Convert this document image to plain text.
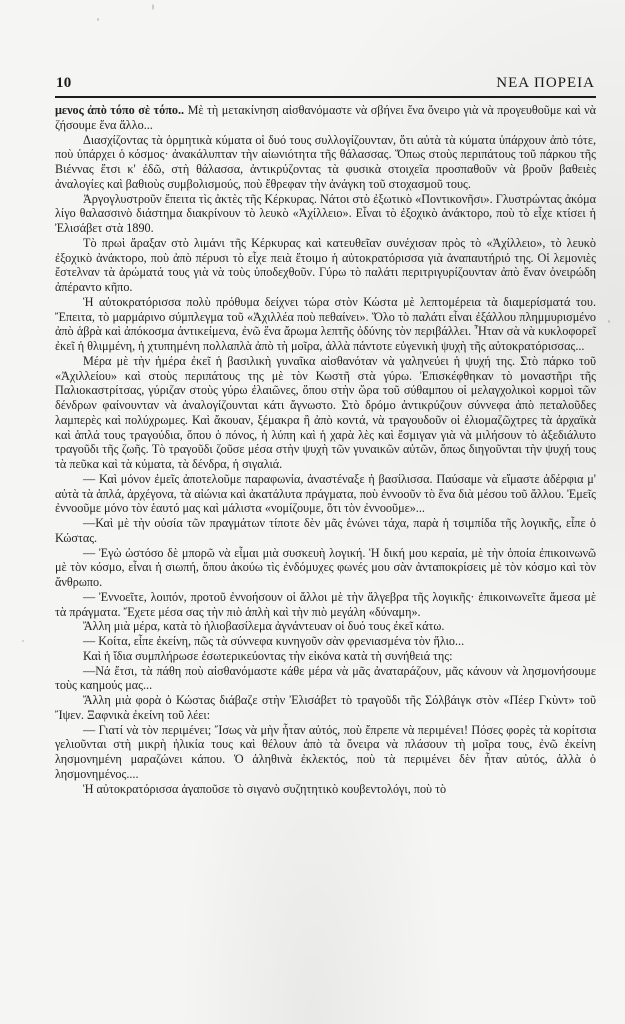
10	ΝΕΑ ΠΟΡΕΙΑ

μενος ἀπὸ τόπο σὲ τόπο.. Μὲ τὴ μετακίνηση αἰσθανόμαστε νὰ σβήνει ἕνα ὄνειρο γιὰ νὰ προγευθοῦμε καὶ νὰ ζήσουμε ἕνα ἄλλο...

Διασχίζοντας τὰ ὁρμητικὰ κύματα οἱ δυό τους συλλογίζουνταν, ὅτι αὐτὰ τὰ κύματα ὑπάρχουν ἀπὸ τότε, ποὺ ὑπάρχει ὁ κόσμος· ἀνακάλυπταν τὴν αἰωνιότητα τῆς θάλασσας. Ὅπως στοὺς περιπάτους τοῦ πάρκου τῆς Βιέννας ἔτσι κ' ἐδῶ, στὴ θάλασσα, ἀντικρύζοντας τὰ φυσικὰ στοιχεῖα προσπαθοῦν νὰ βροῦν βαθειὲς ἀναλογίες καὶ βαθιοὺς συμβολισμούς, ποὺ ἔθρεφαν τὴν ἀνάγκη τοῦ στοχασμοῦ τους.

Ἀργογλυστροῦν ἔπειτα τὶς ἀκτὲς τῆς Κέρκυρας. Νάτοι στὸ ἐξωτικὸ «Ποντικονῆσι». Γλυστρώντας ἀκόμα λίγο θαλασσινὸ διάστημα διακρίνουν τὸ λευκὸ «Ἀχίλλειο». Εἶναι τὸ ἐξοχικὸ ἀνάκτορο, ποὺ τὸ εἶχε κτίσει ἡ Ἐλισάβετ στὰ 1890.

Τὸ πρωὶ ἄραξαν στὸ λιμάνι τῆς Κέρκυρας καὶ κατευθεῖαν συνέχισαν πρὸς τὸ «Ἀχίλλειο», τὸ λευκὸ ἐξοχικὸ ἀνάκτορο, ποὺ ἀπὸ πέρυσι τὸ εἶχε πειὰ ἕτοιμο ἡ αὐτοκρατόρισσα γιὰ ἀναπαυτήριό της. Οἱ λεμονιὲς ἔστελναν τὰ ἀρώματά τους γιὰ νὰ τοὺς ὑποδεχθοῦν. Γύρω τὸ παλάτι περιτριγυρίζουνταν ἀπὸ ἕναν ὀνειρώδη ἀπέραντο κῆπο.

Ἡ αὐτοκρατόρισσα πολὺ πρόθυμα δείχνει τώρα στὸν Κώστα μὲ λεπτομέρεια τὰ διαμερίσματά του. Ἔπειτα, τὸ μαρμάρινο σύμπλεγμα τοῦ «Ἀχιλλέα ποὺ πεθαίνει». Ὅλο τὸ παλάτι εἶναι ἐξάλλου πλημμυρισμένο ἀπὸ ἁβρὰ καὶ ἀπόκοσμα ἀντικείμενα, ἐνῶ ἕνα ἄρωμα λεπτῆς ὀδύνης τὸν περιβάλλει. Ἦταν σὰ νὰ κυκλοφορεῖ ἐκεῖ ἡ θλιμμένη, ἡ χτυπημένη πολλαπλὰ ἀπὸ τὴ μοῖρα, ἀλλὰ πάντοτε εὐγενικὴ ψυχὴ τῆς αὐτοκρατόρισσας...

Μέρα μὲ τὴν ἡμέρα ἐκεῖ ἡ βασιλικὴ γυναῖκα αἰσθανόταν νὰ γαληνεύει ἡ ψυχή της. Στὸ πάρκο τοῦ «Ἀχιλλείου» καὶ στοὺς περιπάτους της μὲ τὸν Κωστῆ στὰ γύρω. Ἐπισκέφθηκαν τὸ μοναστῆρι τῆς Παλιοκαστρίτσας, γύριζαν στοὺς γύρω ἐλαιῶνες, ὅπου στὴν ὥρα τοῦ σύθαμπου οἱ μελαγχολικοὶ κορμοὶ τῶν δένδρων φαίνουνταν νὰ ἀναλογίζουνται κάτι ἄγνωστο. Στὸ δρόμο ἀντικρύζουν σύννεφα ἀπὸ πεταλοῦδες λαμπερὲς καὶ πολύχρωμες. Καὶ ἄκουαν, ξέμακρα ἢ ἀπὸ κοντά, νὰ τραγουδοῦν οἱ ἐλιομαζῶχτρες τὰ ἀρχαϊκὰ καὶ ἁπλά τους τραγούδια, ὅπου ὁ πόνος, ἡ λύπη καὶ ἡ χαρὰ λὲς καὶ ἔσμιγαν γιὰ νὰ μιλήσουν τὸ ἀξεδιάλυτο τραγοῦδι τῆς ζωῆς. Τὸ τραγοῦδι ζοῦσε μέσα στὴν ψυχὴ τῶν γυναικῶν αὐτῶν, ὅπως διηγοῦνται τὴν ψυχή τους τὰ πεῦκα καὶ τὰ κύματα, τὰ δένδρα, ἡ σιγαλιά.

— Καὶ μόνον ἐμεῖς ἀποτελοῦμε παραφωνία, ἀναστέναξε ἡ βασίλισσα. Παύσαμε νὰ εἴμαστε ἀδέρφια μ' αὐτὰ τὰ ἁπλά, ἀρχέγονα, τὰ αἰώνια καὶ ἀκατάλυτα πράγματα, ποὺ ἐννοοῦν τὸ ἕνα διὰ μέσου τοῦ ἄλλου. Ἐμεῖς ἐννοοῦμε μόνο τὸν ἑαυτό μας καὶ μάλιστα «νομίζουμε, ὅτι τὸν ἐννοοῦμε»...

—Καὶ μὲ τὴν οὐσία τῶν πραγμάτων τίποτε δὲν μᾶς ἑνώνει τάχα, παρὰ ἡ τσιμπίδα τῆς λογικῆς, εἶπε ὁ Κώστας.

— Ἐγὼ ὡστόσο δὲ μπορῶ νὰ εἶμαι μιὰ συσκευὴ λογική. Ἡ δική μου κεραία, μὲ τὴν ὁποία ἐπικοινωνῶ μὲ τὸν κόσμο, εἶναι ἡ σιωπή, ὅπου ἀκούω τὶς ἐνδόμυχες φωνές μου σὰν ἀνταποκρίσεις μὲ τὸν κόσμο καὶ τὸν ἄνθρωπο.

— Ἐννοεῖτε, λοιπόν, προτοῦ ἐννοήσουν οἱ ἄλλοι μὲ τὴν ἄλγεβρα τῆς λογικῆς· ἐπικοινωνεῖτε ἄμεσα μὲ τὰ πράγματα. Ἔχετε μέσα σας τὴν πιὸ ἁπλὴ καὶ τὴν πιὸ μεγάλη «δύναμη».

Ἄλλη μιὰ μέρα, κατὰ τὸ ἡλιοβασίλεμα ἀγνάντευαν οἱ δυό τους ἐκεῖ κάτω.

— Κοίτα, εἶπε ἐκείνη, πῶς τὰ σύννεφα κυνηγοῦν σὰν φρενιασμένα τὸν ἥλιο...

Καὶ ἡ ἴδια συμπλήρωσε ἐσωτερικεύοντας τὴν εἰκόνα κατὰ τὴ συνήθειά της:

—Νά ἔτσι, τὰ πάθη ποὺ αἰσθανόμαστε κάθε μέρα νὰ μᾶς ἀναταράζουν, μᾶς κάνουν νὰ λησμονήσουμε τοὺς καημούς μας...

Ἄλλη μιὰ φορὰ ὁ Κώστας διάβαζε στὴν Ἐλισάβετ τὸ τραγοῦδι τῆς Σόλβάιγκ στὸν «Πέερ Γκὺντ» τοῦ Ἴψεν. Ξαφνικὰ ἐκείνη τοῦ λέει:

— Γιατί νὰ τὸν περιμένει; Ἴσως νὰ μὴν ἦταν αὐτός, ποὺ ἔπρεπε νὰ περιμένει! Πόσες φορὲς τὰ κορίτσια γελιοῦνται στὴ μικρὴ ἡλικία τους καὶ θέλουν ἀπὸ τὰ ὄνειρα νὰ πλάσουν τὴ μοῖρα τους, ἐνῶ ἐκείνη λησμονημένη μαραζώνει κάπου. Ὁ ἀληθινὰ ἐκλεκτός, ποὺ τὰ περιμένει δὲν ἦταν αὐτός, ἀλλὰ ὁ λησμονημένος....

Ἡ αὐτοκρατόρισσα ἀγαποῦσε τὸ σιγανὸ συζητητικὸ κουβεντολόγι, ποὺ τὸ
